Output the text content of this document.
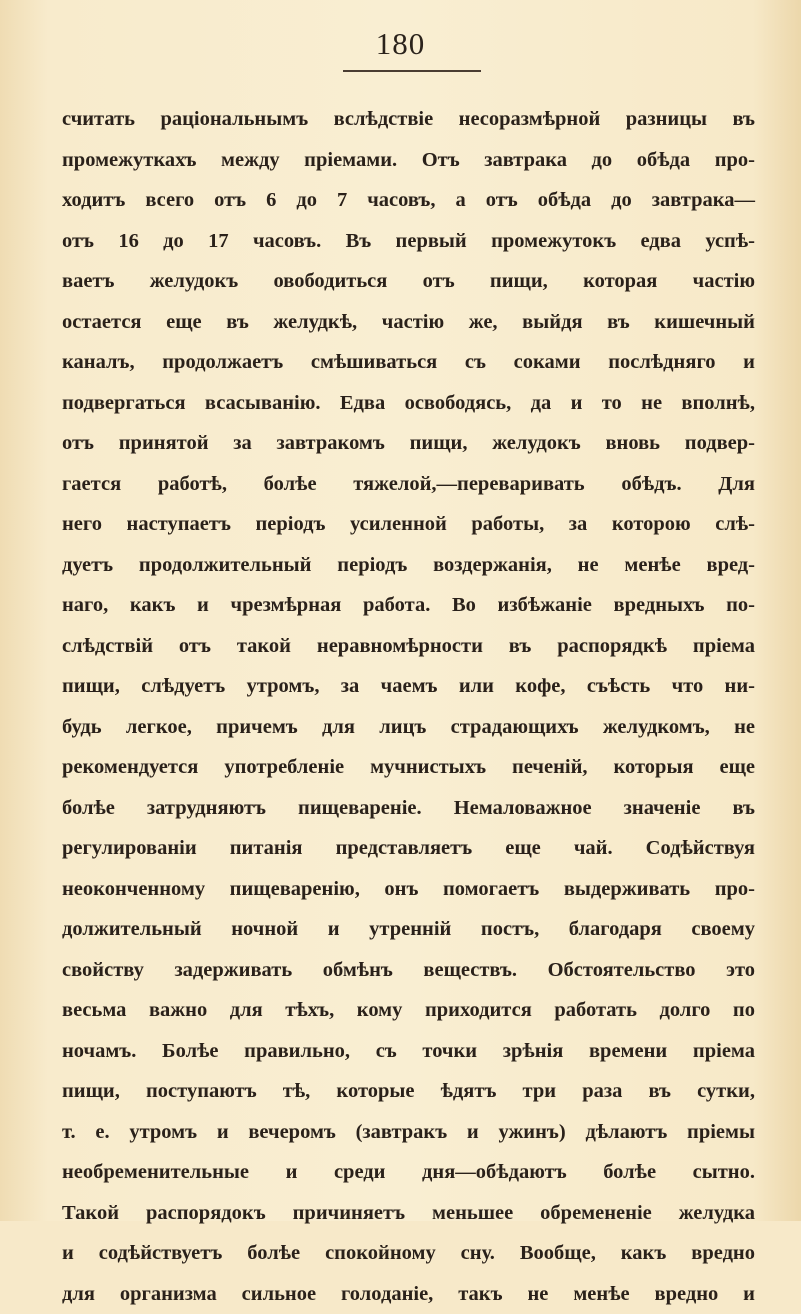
180
считать раціональнымъ вслѣдствіе несоразмѣрной разницы въ
промежуткахъ между пріемами. Отъ завтрака до обѣда про-
ходитъ всего отъ 6 до 7 часовъ, а отъ обѣда до завтрака—
отъ 16 до 17 часовъ. Въ первый промежутокъ едва успѣ-
ваетъ желудокъ овободиться отъ пищи, которая частію
остается еще въ желудкѣ, частію же, выйдя въ кишечный
каналъ, продолжаетъ смѣшиваться съ соками послѣдняго и
подвергаться всасыванію. Едва освободясь, да и то не вполнѣ,
отъ принятой за завтракомъ пищи, желудокъ вновь подвер-
гается работѣ, болѣе тяжелой,—переваривать обѣдъ. Для
него наступаетъ періодъ усиленной работы, за которою слѣ-
дуетъ продолжительный періодъ воздержанія, не менѣе вред-
наго, какъ и чрезмѣрная работа. Во избѣжаніе вредныхъ по-
слѣдствій отъ такой неравномѣрности въ распорядкѣ пріема
пищи, слѣдуетъ утромъ, за чаемъ или кофе, съѣсть что ни-
будь легкое, причемъ для лицъ страдающихъ желудкомъ, не
рекомендуется употребленіе мучнистыхъ печеній, которыя еще
болѣе затрудняютъ пищевареніе. Немаловажное значеніе въ
регулированіи питанія представляетъ еще чай. Содѣйствуя
неоконченному пищеваренію, онъ помогаетъ выдерживать про-
должительный ночной и утренній постъ, благодаря своему
свойству задерживать обмѣнъ веществъ. Обстоятельство это
весьма важно для тѣхъ, кому приходится работать долго по
ночамъ. Болѣе правильно, съ точки зрѣнія времени пріема
пищи, поступаютъ тѣ, которые ѣдятъ три раза въ сутки,
т. е. утромъ и вечеромъ (завтракъ и ужинъ) дѣлаютъ пріемы
необременительные и среди дня—обѣдаютъ болѣе сытно.
Такой распорядокъ причиняетъ меньшее обремененіе желудка
и содѣйствуетъ болѣе спокойному сну. Вообще, какъ вредно
для организма сильное голоданіе, такъ не менѣе вредно и
